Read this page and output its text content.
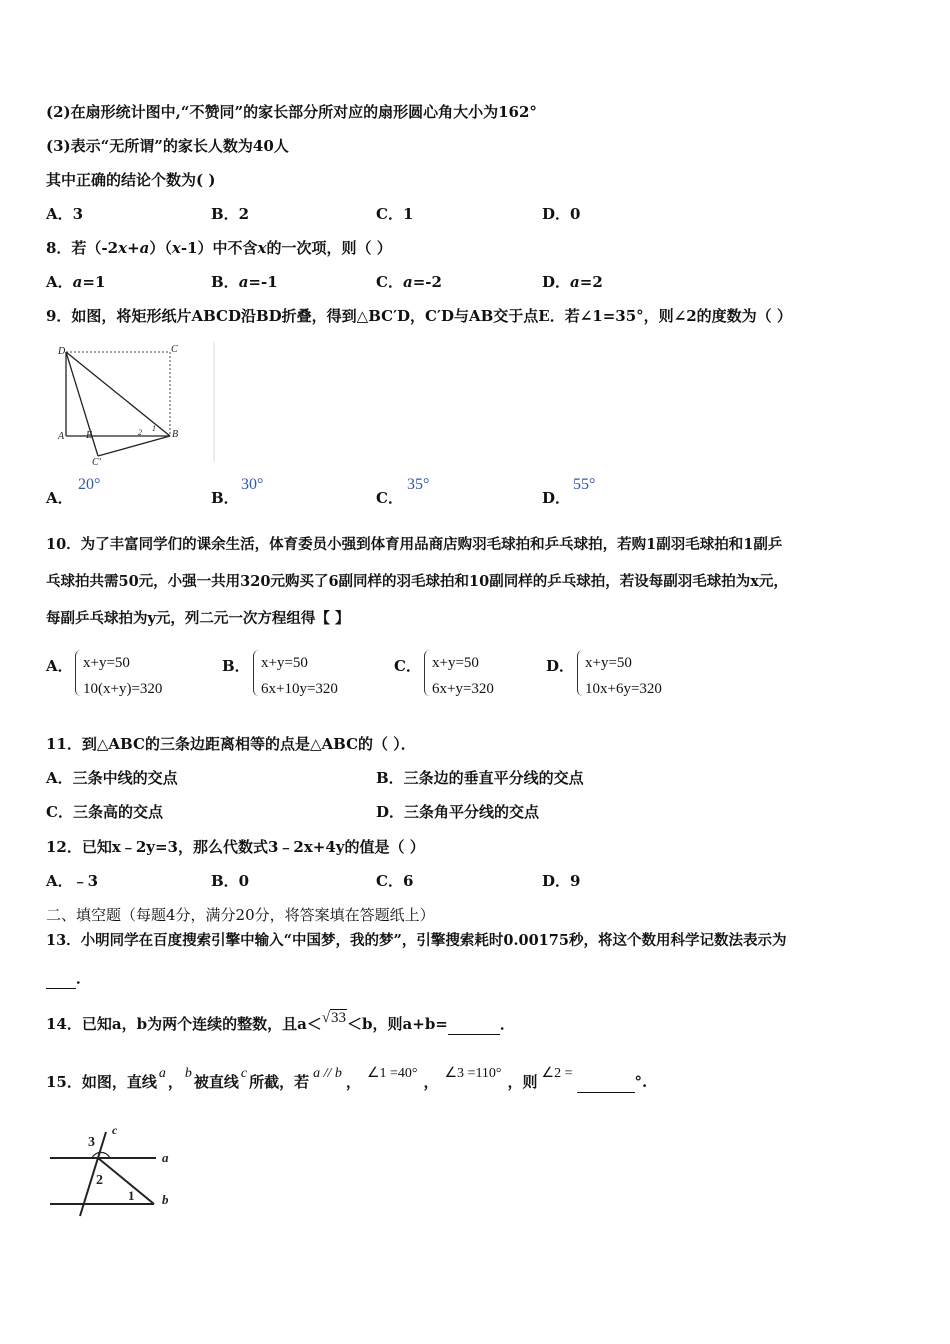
(2)在扇形统计图中,“不赞同”的家长部分所对应的扇形圆心角大小为162°
(3)表示“无所谓”的家长人数为40人
其中正确的结论个数为( )
A．3	B．2	C．1	D．0
8．若（-2x+a）（x-1）中不含x的一次项，则（ ）
A．a=1	B．a=-1	C．a=-2	D．a=2
9．如图，将矩形纸片ABCD沿BD折叠，得到△BC′D，C′D与AB交于点E．若∠1=35°，则∠2的度数为（ ）
D	C
A E	B
C'
1
2
A．
20°
B．
30°
C．
35°
D．
55°
10．为了丰富同学们的课余生活，体育委员小强到体育用品商店购羽毛球拍和乒乓球拍，若购1副羽毛球拍和1副乒
乓球拍共需50元，小强一共用320元购买了6副同样的羽毛球拍和10副同样的乒乓球拍，若设每副羽毛球拍为x元，
每副乒乓球拍为y元，列二元一次方程组得【 】
A． x+y=50
10(x+y)=320
B． x+y=50
6x+10y=320
C． x+y=50
6x+y=320
D． x+y=50
10x+6y=320
11．到△ABC的三条边距离相等的点是△ABC的（ ）．
A．三条中线的交点	B．三条边的垂直平分线的交点
C．三条高的交点	D．三条角平分线的交点
12．已知x﹣2y=3，那么代数式3﹣2x+4y的值是（ ）
A．﹣3	B．0	C．6	D．9
二、填空题（每题4分，满分20分，将答案填在答题纸上）
13．小明同学在百度搜索引擎中输入“中国梦，我的梦”，引擎搜索耗时0.00175秒，将这个数用科学记数法表示为
．
14．已知a，b为两个连续的整数，且a＜√33＜b，则a+b=	．
15．如图，直线 a ， b 被直线 c 所截，若 a // b ， ∠1 =40° ， ∠3 =110° ，则 ∠2 =	°.
3
c
a
2
1 b
